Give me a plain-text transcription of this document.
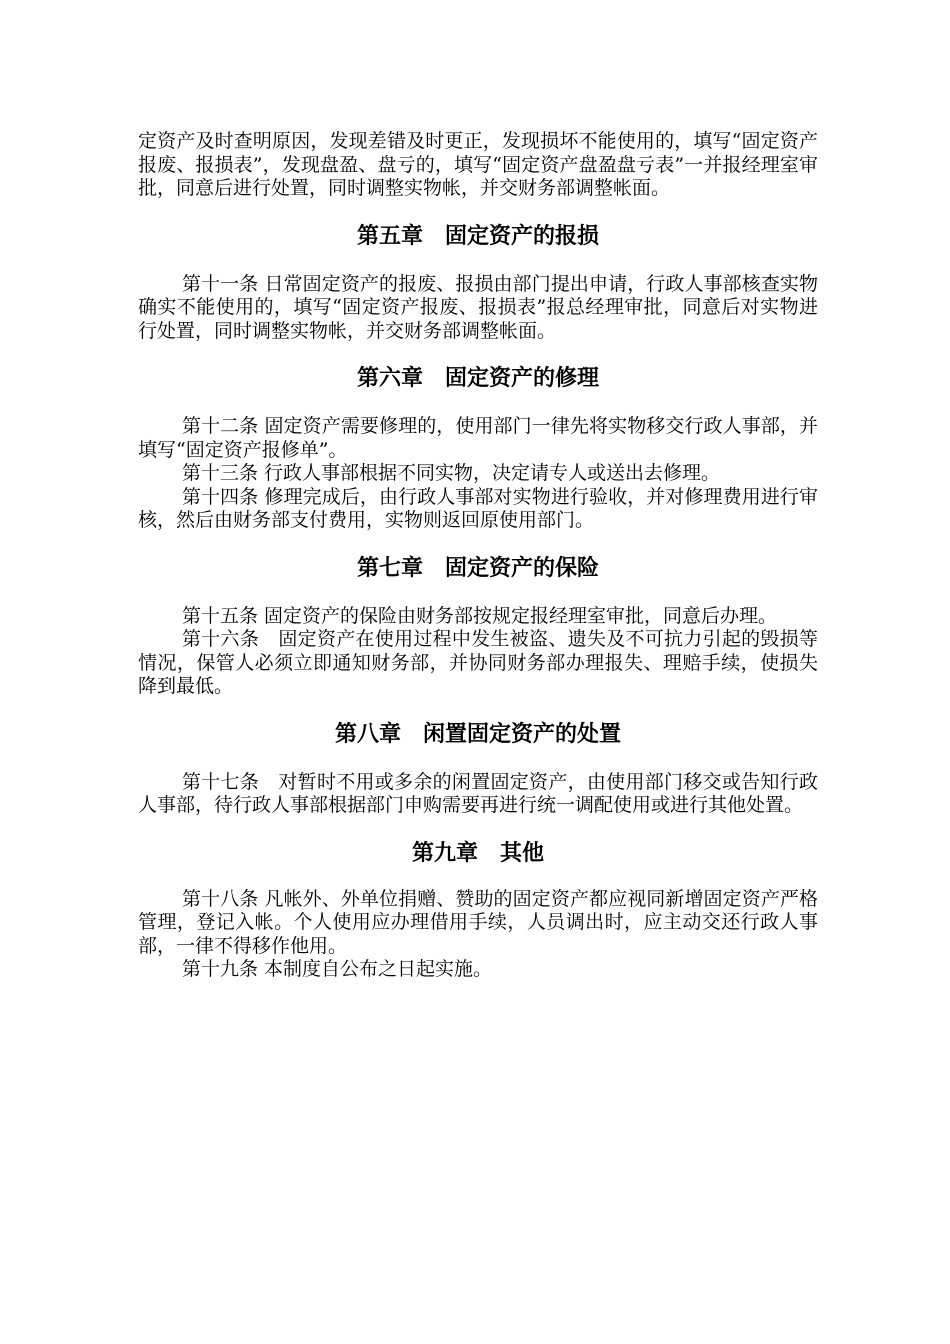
定资产及时查明原因，发现差错及时更正，发现损坏不能使用的，填写“固定资产报废、报损表”，发现盘盈、盘亏的，填写“固定资产盘盈盘亏表”一并报经理室审批，同意后进行处置，同时调整实物帐，并交财务部调整帐面。

第五章　固定资产的报损

第十一条 日常固定资产的报废、报损由部门提出申请，行政人事部核查实物确实不能使用的，填写“固定资产报废、报损表”报总经理审批，同意后对实物进行处置，同时调整实物帐，并交财务部调整帐面。

第六章　固定资产的修理

第十二条 固定资产需要修理的，使用部门一律先将实物移交行政人事部，并填写“固定资产报修单”。

第十三条 行政人事部根据不同实物，决定请专人或送出去修理。

第十四条 修理完成后，由行政人事部对实物进行验收，并对修理费用进行审核，然后由财务部支付费用，实物则返回原使用部门。

第七章　固定资产的保险

第十五条 固定资产的保险由财务部按规定报经理室审批，同意后办理。

第十六条　固定资产在使用过程中发生被盗、遗失及不可抗力引起的毁损等情况，保管人必须立即通知财务部，并协同财务部办理报失、理赔手续，使损失降到最低。

第八章　闲置固定资产的处置

第十七条　对暂时不用或多余的闲置固定资产，由使用部门移交或告知行政人事部，待行政人事部根据部门申购需要再进行统一调配使用或进行其他处置。

第九章　其他

第十八条 凡帐外、外单位捐赠、赞助的固定资产都应视同新增固定资产严格管理，登记入帐。个人使用应办理借用手续，人员调出时，应主动交还行政人事部，一律不得移作他用。

第十九条 本制度自公布之日起实施。
